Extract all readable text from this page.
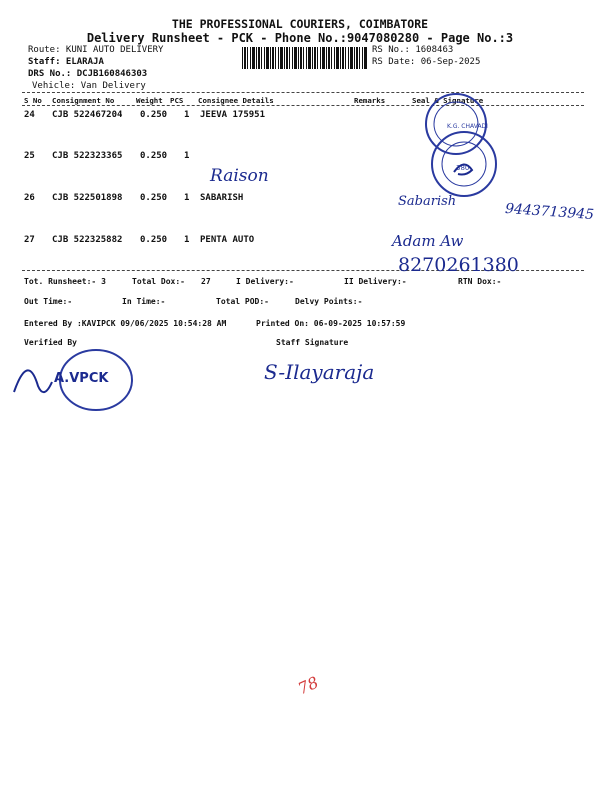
THE PROFESSIONAL COURIERS, COIMBATORE
Delivery Runsheet - PCK - Phone No.:9047080280 - Page No.:3
Route: KUNI AUTO DELIVERY
Staff: ELARAJA
DRS No.: DCJB160846303
Vehicle: Van Delivery
RS No.: 1608463
RS Date: 06-Sep-2025
S No Consignment No	Weight PCS Consignee Details	Remarks	Seal & Signature
24 CJB 522467204 0.250 1 JEEVA 175951
25 CJB 522323365 0.250 1
26 CJB 522501898 0.250 1 SABARISH
27 CJB 522325882 0.250 1 PENTA AUTO
Tot. Runsheet:- 3	Total Dox:- 27	I Delivery:-	II Delivery:-	RTN Dox:-
Out Time:-	In Time:-	Total POD:-	Delvy Points:-
Entered By :KAVIPCK 09/06/2025 10:54:28 AM	Printed On: 06-09-2025 10:57:59
Verified By	Staff Signature
K.G. CHAVADI
380
Raison
Sabarish	9443713945
Adam Aw
8270261380
S-Ilayaraja
A.VPCK
78
